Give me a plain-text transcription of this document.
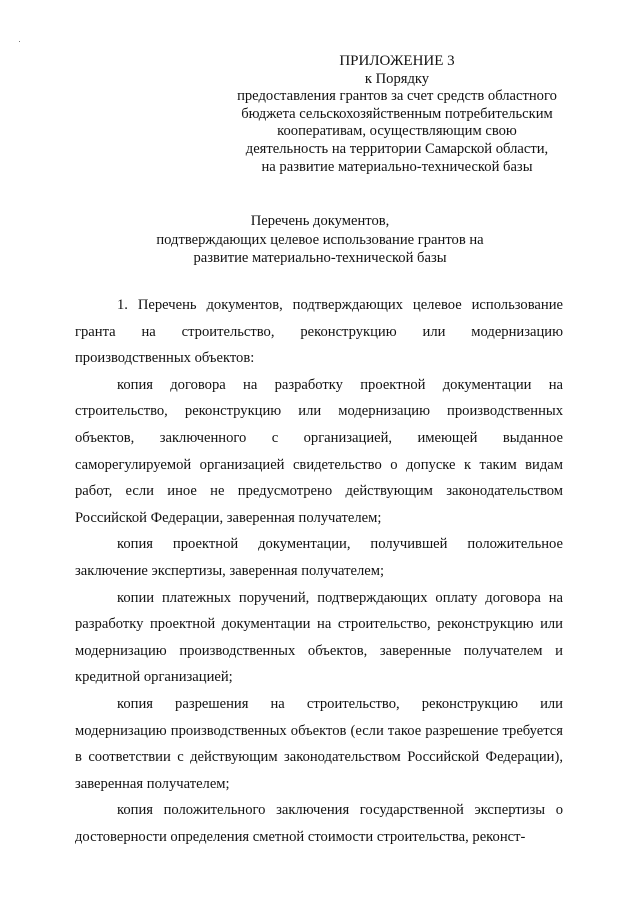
ПРИЛОЖЕНИЕ 3
к Порядку
предоставления грантов за счет средств областного
бюджета сельскохозяйственным потребительским
кооперативам, осуществляющим свою
деятельность на территории Самарской области,
на развитие материально-технической базы
Перечень документов,
подтверждающих целевое использование грантов на
развитие материально-технической базы

1. Перечень документов, подтверждающих целевое использование гранта на строительство, реконструкцию или модернизацию производственных объектов:

копия договора на разработку проектной документации на строительство, реконструкцию или модернизацию производственных объектов, заключенного с организацией, имеющей выданное саморегулируемой организацией свидетельство о допуске к таким видам работ, если иное не предусмотрено действующим законодательством Российской Федерации, заверенная получателем;

копия проектной документации, получившей положительное заключение экспертизы, заверенная получателем;

копии платежных поручений, подтверждающих оплату договора на разработку проектной документации на строительство, реконструкцию или модернизацию производственных объектов, заверенные получателем и кредитной организацией;

копия разрешения на строительство, реконструкцию или модернизацию производственных объектов (если такое разрешение требуется в соответствии с действующим законодательством Российской Федерации), заверенная получателем;

копия положительного заключения государственной экспертизы о достоверности определения сметной стоимости строительства, реконст-
